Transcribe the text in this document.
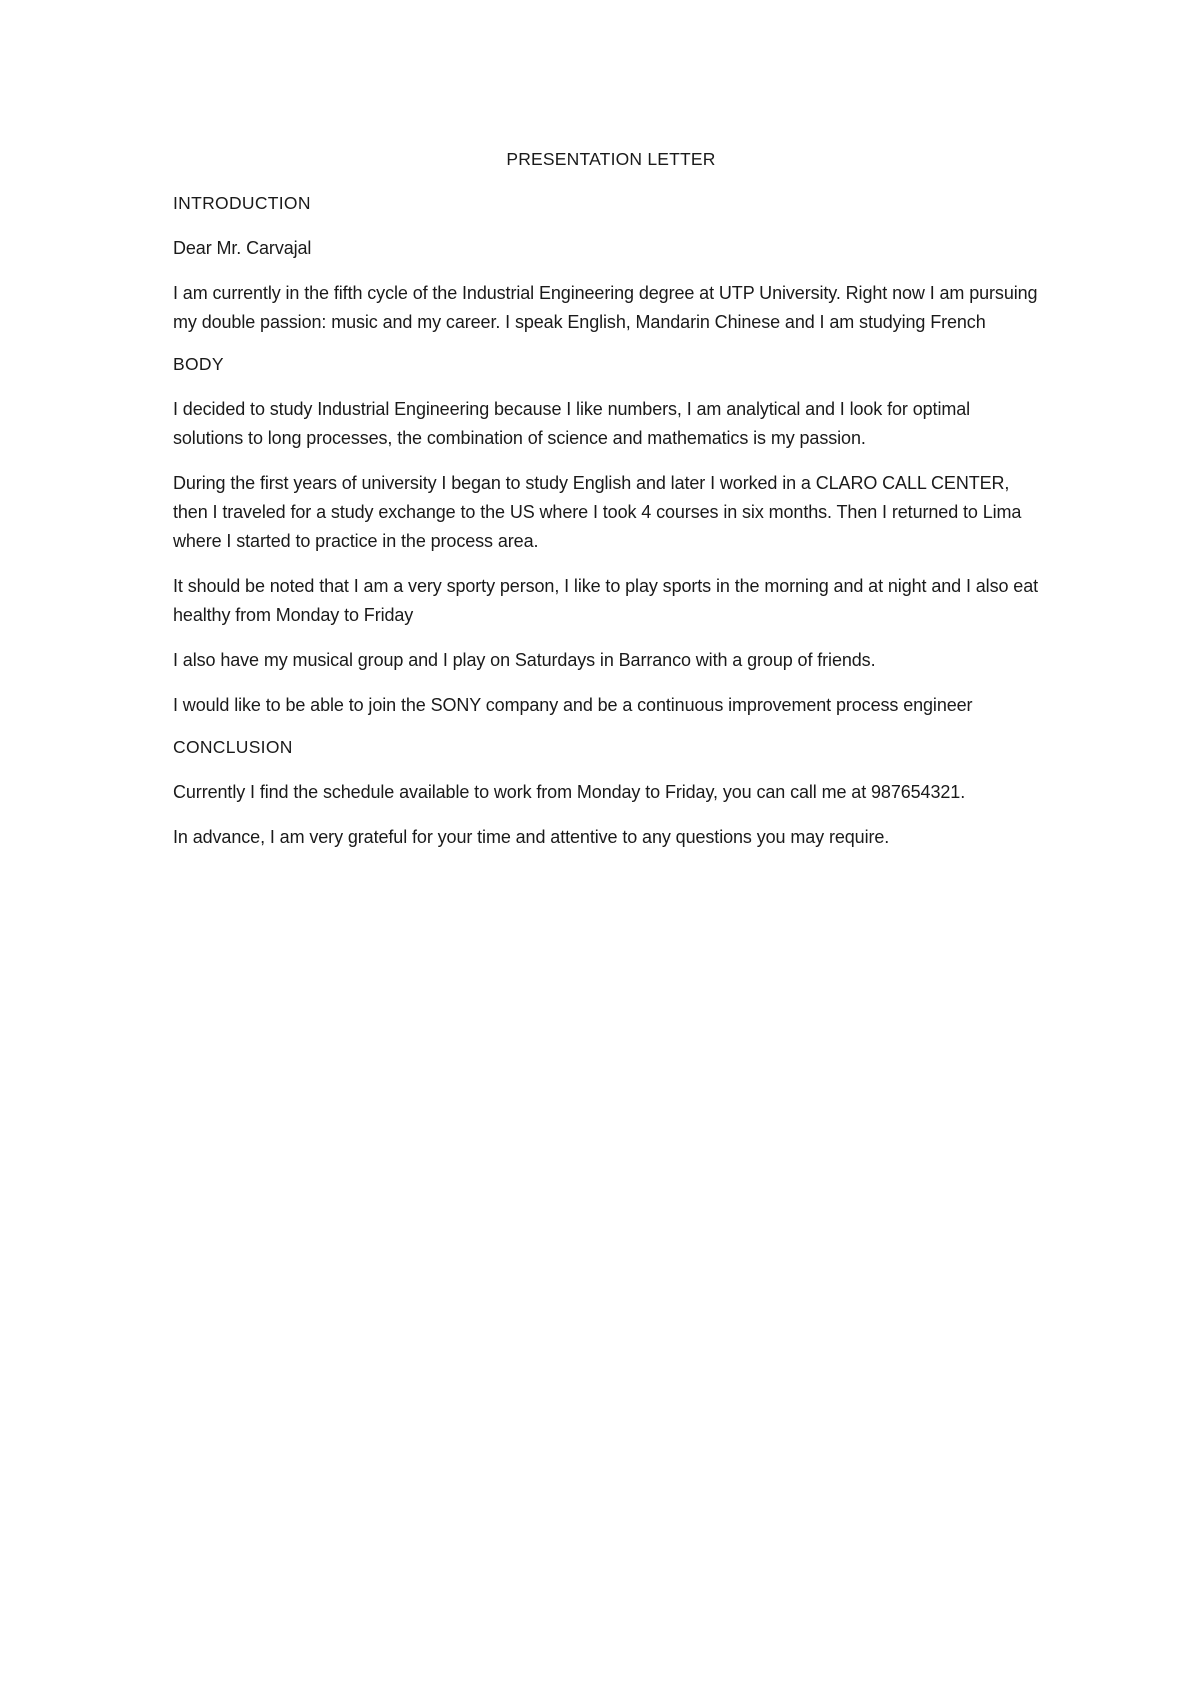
PRESENTATION LETTER
INTRODUCTION
Dear Mr. Carvajal
I am currently in the fifth cycle of the Industrial Engineering degree at UTP University. Right now I am pursuing my double passion: music and my career. I speak English, Mandarin Chinese and I am studying French
BODY
I decided to study Industrial Engineering because I like numbers, I am analytical and I look for optimal solutions to long processes, the combination of science and mathematics is my passion.
During the first years of university I began to study English and later I worked in a CLARO CALL CENTER, then I traveled for a study exchange to the US where I took 4 courses in six months. Then I returned to Lima where I started to practice in the process area.
It should be noted that I am a very sporty person, I like to play sports in the morning and at night and I also eat healthy from Monday to Friday
I also have my musical group and I play on Saturdays in Barranco with a group of friends.
I would like to be able to join the SONY company and be a continuous improvement process engineer
CONCLUSION
Currently I find the schedule available to work from Monday to Friday, you can call me at 987654321.
In advance, I am very grateful for your time and attentive to any questions you may require.
